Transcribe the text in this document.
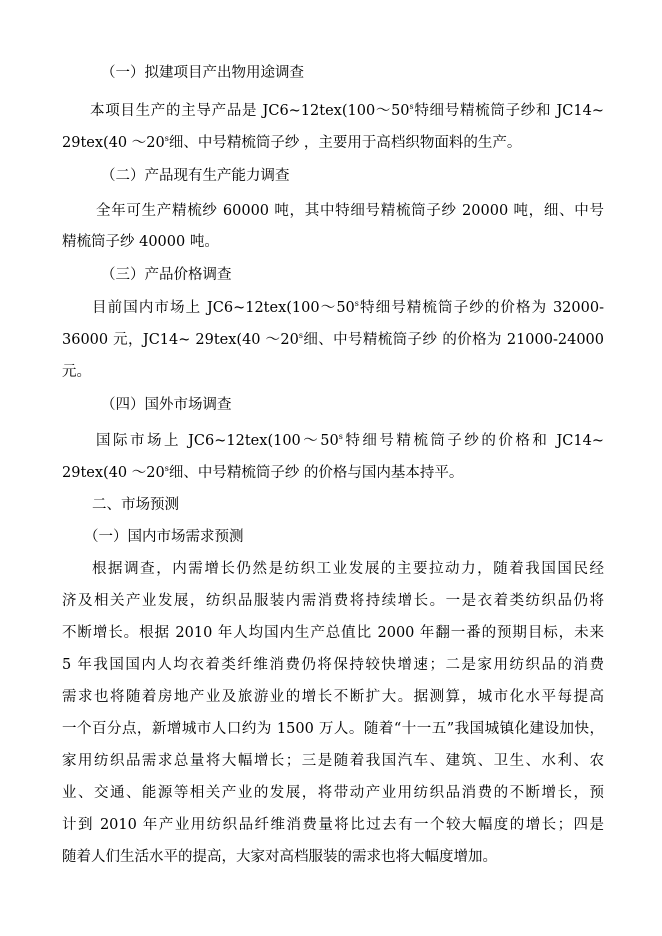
（一）拟建项目产出物用途调查
本项目生产的主导产品是 JC6~12tex(100～50$^s$特细号精梳筒子纱和 JC14~
29tex(40 ～20$^s$细、中号精梳筒子纱 ，主要用于高档织物面料的生产。
（二）产品现有生产能力调查
全年可生产精梳纱 60000 吨，其中特细号精梳筒子纱 20000 吨，细、中号
精梳筒子纱 40000 吨。
（三）产品价格调查
目前国内市场上 JC6~12tex(100～50$^s$特细号精梳筒子纱的价格为 32000-
36000 元，JC14~ 29tex(40 ～20$^s$细、中号精梳筒子纱 的价格为 21000-24000
元。
（四）国外市场调查
国际市场上 JC6~12tex(100～50$^s$特细号精梳筒子纱的价格和 JC14~
29tex(40 ～20$^s$细、中号精梳筒子纱 的价格与国内基本持平。
二、市场预测
（一）国内市场需求预测
根据调查，内需增长仍然是纺织工业发展的主要拉动力，随着我国国民经
济及相关产业发展，纺织品服装内需消费将持续增长。一是衣着类纺织品仍将
不断增长。根据 2010 年人均国内生产总值比 2000 年翻一番的预期目标，未来
5 年我国国内人均衣着类纤维消费仍将保持较快增速；二是家用纺织品的消费
需求也将随着房地产业及旅游业的增长不断扩大。据测算，城市化水平每提高
一个百分点，新增城市人口约为 1500 万人。随着“十一五”我国城镇化建设加快，
家用纺织品需求总量将大幅增长；三是随着我国汽车、建筑、卫生、水利、农
业、交通、能源等相关产业的发展，将带动产业用纺织品消费的不断增长，预
计到 2010 年产业用纺织品纤维消费量将比过去有一个较大幅度的增长；四是
随着人们生活水平的提高，大家对高档服装的需求也将大幅度增加。
